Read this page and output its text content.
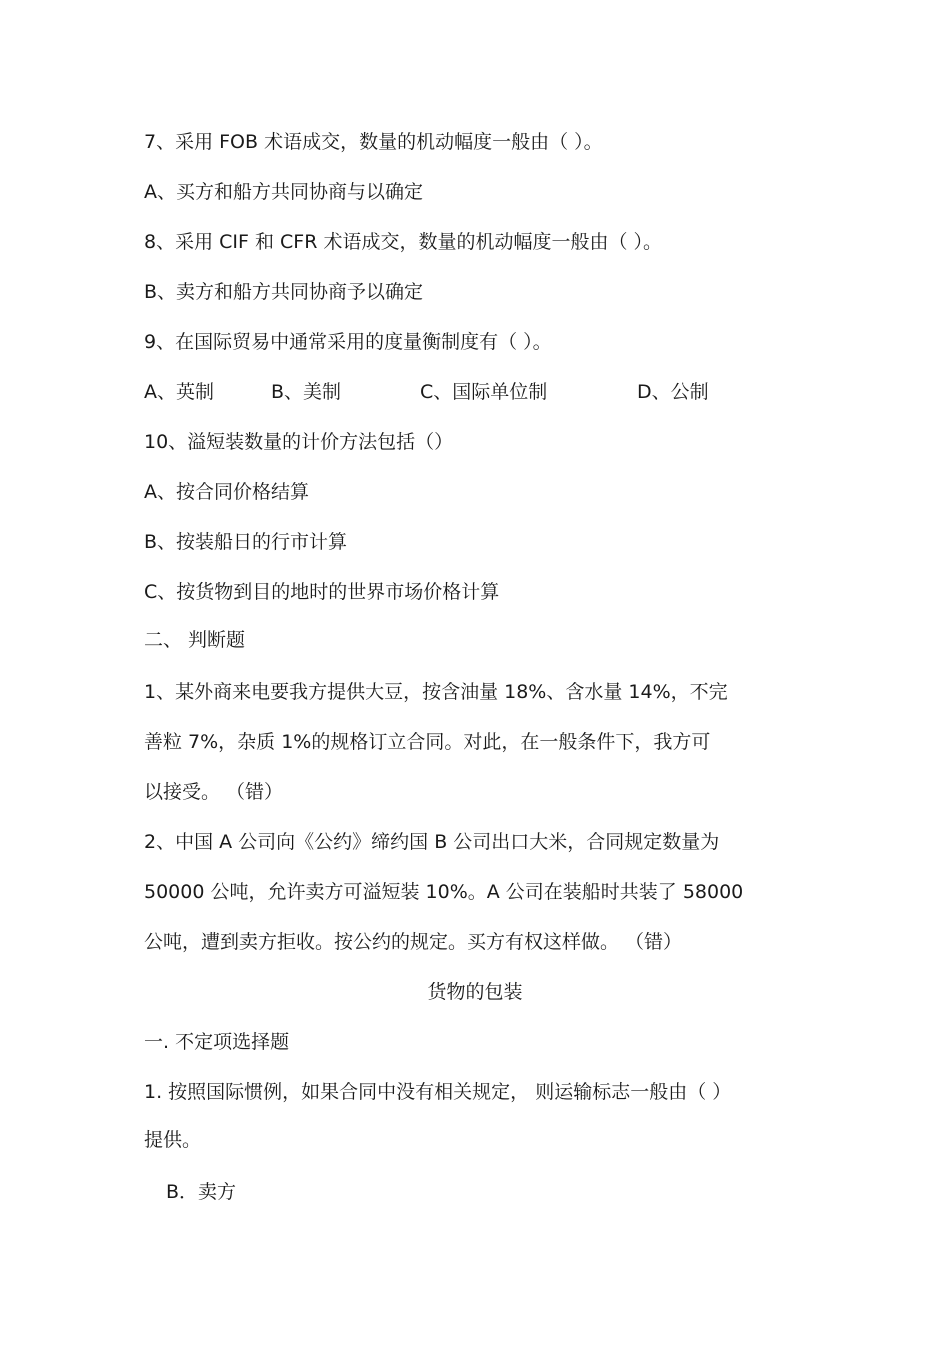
7、采用 FOB 术语成交，数量的机动幅度一般由（ ）。
A、买方和船方共同协商与以确定
8、采用 CIF 和 CFR 术语成交，数量的机动幅度一般由（ ）。
B、卖方和船方共同协商予以确定
9、在国际贸易中通常采用的度量衡制度有（ ）。
A、英制	B、美制	C、国际单位制	D、公制
10、溢短装数量的计价方法包括（）
A、按合同价格结算
B、按装船日的行市计算
C、按货物到目的地时的世界市场价格计算
二、 判断题
1、某外商来电要我方提供大豆，按含油量 18%、含水量 14%，不完
善粒 7%，杂质 1%的规格订立合同。对此，在一般条件下，我方可
以接受。 （错）
2、中国 A 公司向《公约》缔约国 B 公司出口大米，合同规定数量为
50000 公吨，允许卖方可溢短装 10%。A 公司在装船时共装了 58000
公吨，遭到卖方拒收。按公约的规定。买方有权这样做。 （错）
货物的包装
一. 不定项选择题
1. 按照国际惯例，如果合同中没有相关规定， 则运输标志一般由（ ）
提供。
B．卖方
